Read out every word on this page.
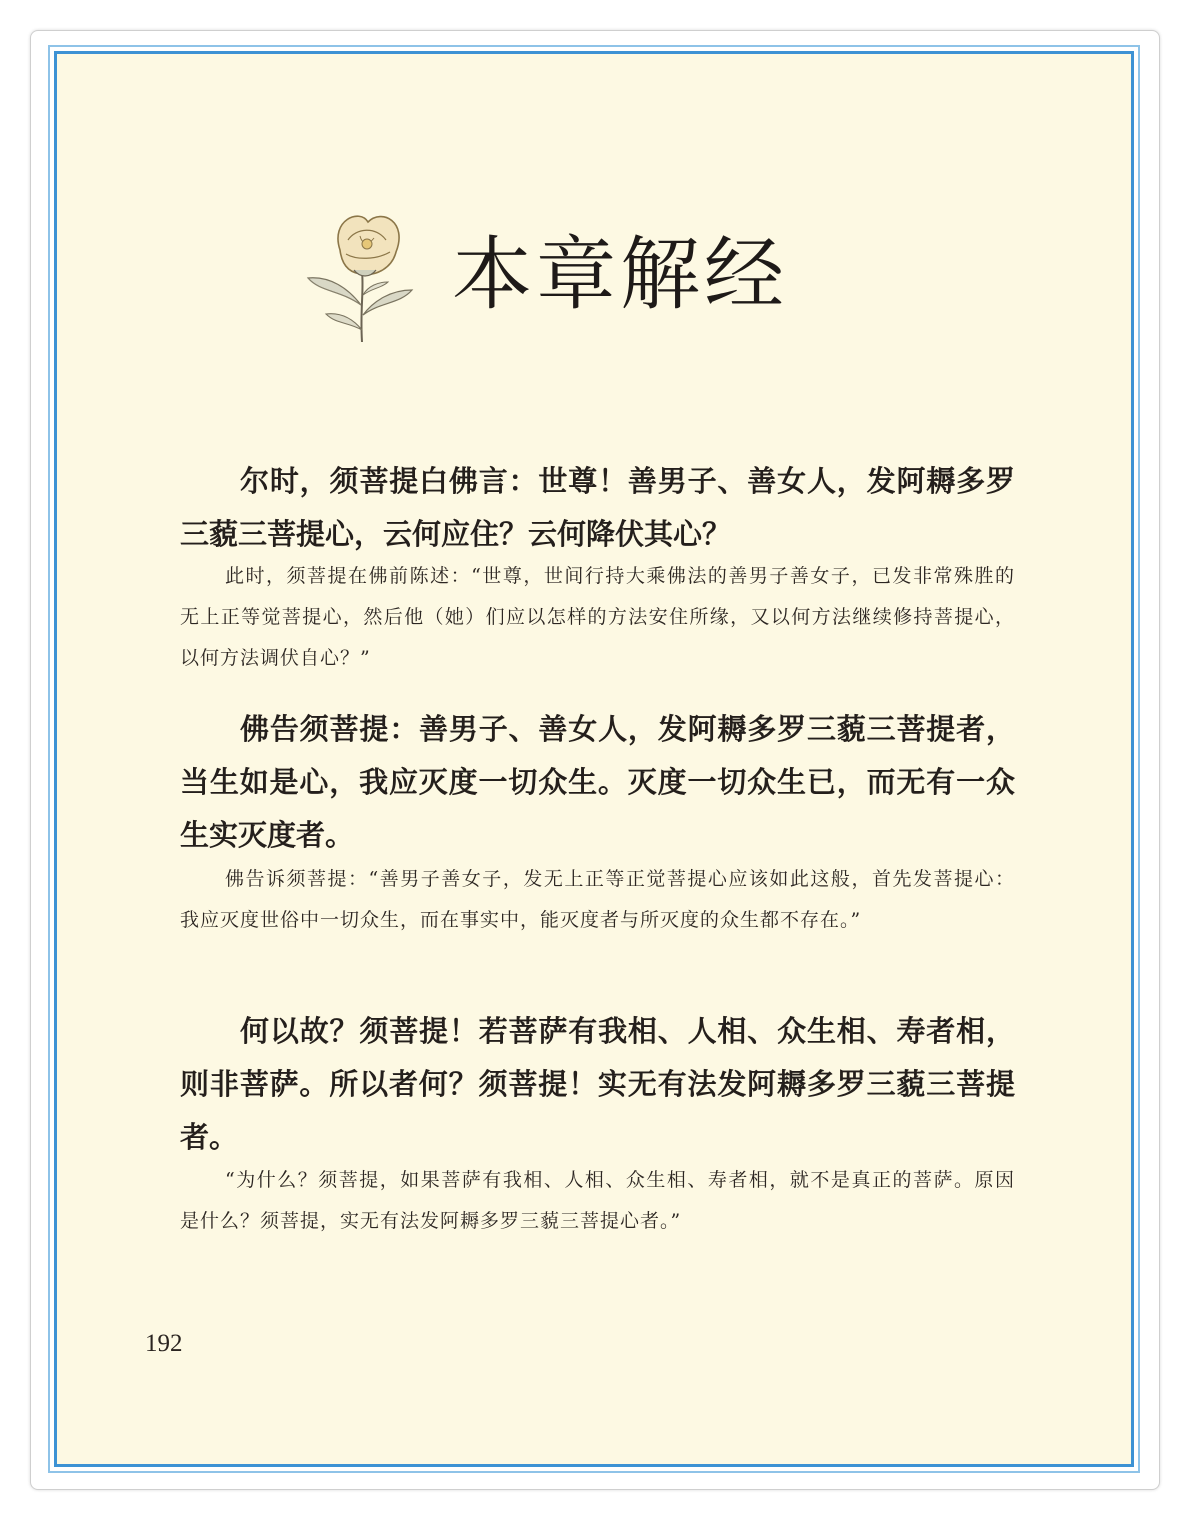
本章解经

尔时，须菩提白佛言：世尊！善男子、善女人，发阿耨多罗三藐三菩提心，云何应住？云何降伏其心？

此时，须菩提在佛前陈述：“世尊，世间行持大乘佛法的善男子善女子，已发非常殊胜的无上正等觉菩提心，然后他（她）们应以怎样的方法安住所缘，又以何方法继续修持菩提心，以何方法调伏自心？”

佛告须菩提：善男子、善女人，发阿耨多罗三藐三菩提者，当生如是心，我应灭度一切众生。灭度一切众生已，而无有一众生实灭度者。

佛告诉须菩提：“善男子善女子，发无上正等正觉菩提心应该如此这般，首先发菩提心：我应灭度世俗中一切众生，而在事实中，能灭度者与所灭度的众生都不存在。”

何以故？须菩提！若菩萨有我相、人相、众生相、寿者相，则非菩萨。所以者何？须菩提！实无有法发阿耨多罗三藐三菩提者。

“为什么？须菩提，如果菩萨有我相、人相、众生相、寿者相，就不是真正的菩萨。原因是什么？须菩提，实无有法发阿耨多罗三藐三菩提心者。”

192
